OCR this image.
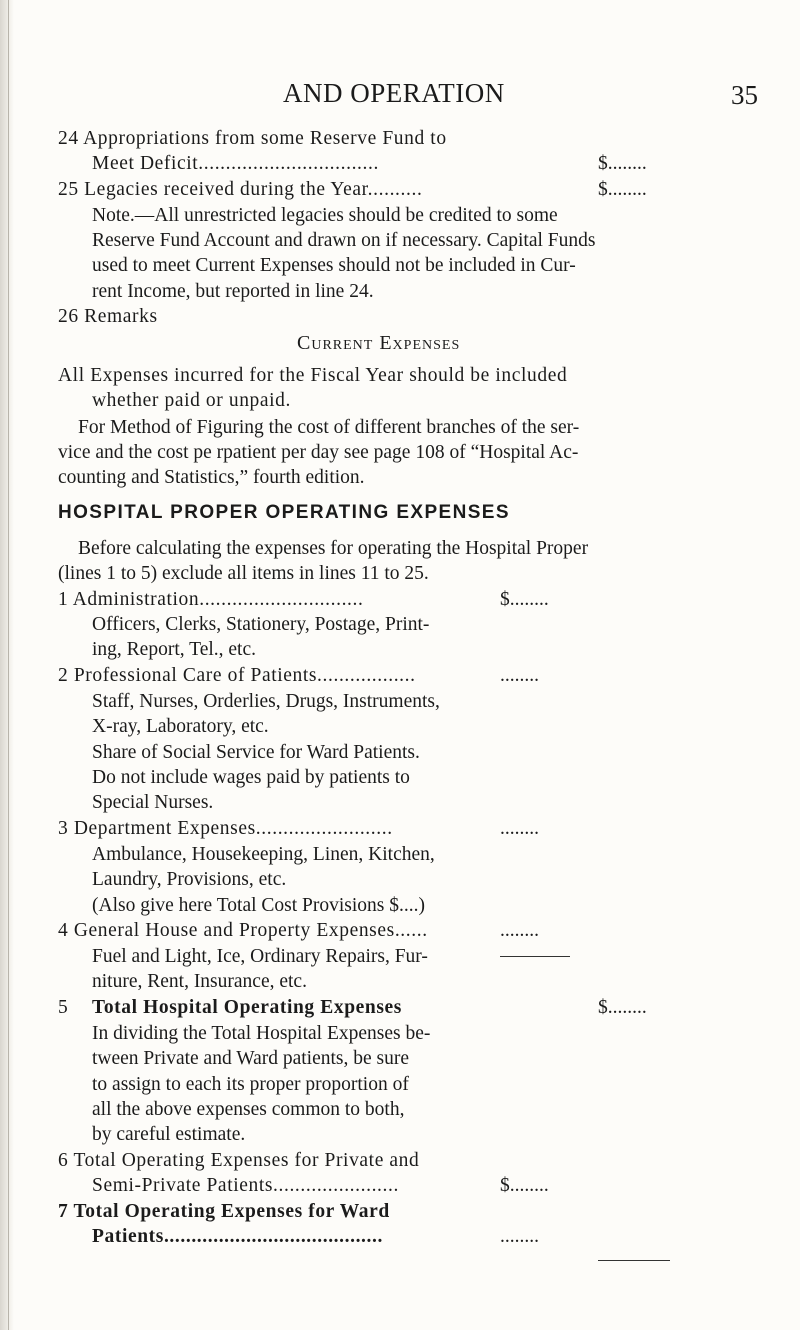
AND OPERATION	35
24 Appropriations from some Reserve Fund to
Meet Deficit.................................	$........
25 Legacies received during the Year..........	$........
Note.—All unrestricted legacies should be credited to some
Reserve Fund Account and drawn on if necessary. Capital Funds
used to meet Current Expenses should not be included in Cur-
rent Income, but reported in line 24.
26 Remarks
Current Expenses
All Expenses incurred for the Fiscal Year should be included
whether paid or unpaid.
For Method of Figuring the cost of different branches of the ser-
vice and the cost pe rpatient per day see page 108 of “Hospital Ac-
counting and Statistics,” fourth edition.
HOSPITAL PROPER OPERATING EXPENSES
Before calculating the expenses for operating the Hospital Proper
(lines 1 to 5) exclude all items in lines 11 to 25.
1 Administration..............................	$........
Officers, Clerks, Stationery, Postage, Print-
ing, Report, Tel., etc.
2 Professional Care of Patients..................	........
Staff, Nurses, Orderlies, Drugs, Instruments,
X-ray, Laboratory, etc.
Share of Social Service for Ward Patients.
Do not include wages paid by patients to
Special Nurses.
3 Department Expenses.........................	........
Ambulance, Housekeeping, Linen, Kitchen,
Laundry, Provisions, etc.
(Also give here Total Cost Provisions $....)
4 General House and Property Expenses......	........
Fuel and Light, Ice, Ordinary Repairs, Fur-
niture, Rent, Insurance, etc.
5 Total Hospital Operating Expenses	$........
In dividing the Total Hospital Expenses be-
tween Private and Ward patients, be sure
to assign to each its proper proportion of
all the above expenses common to both,
by careful estimate.
6 Total Operating Expenses for Private and
Semi-Private Patients.......................	$........
7 Total Operating Expenses for Ward
Patients........................................	........
